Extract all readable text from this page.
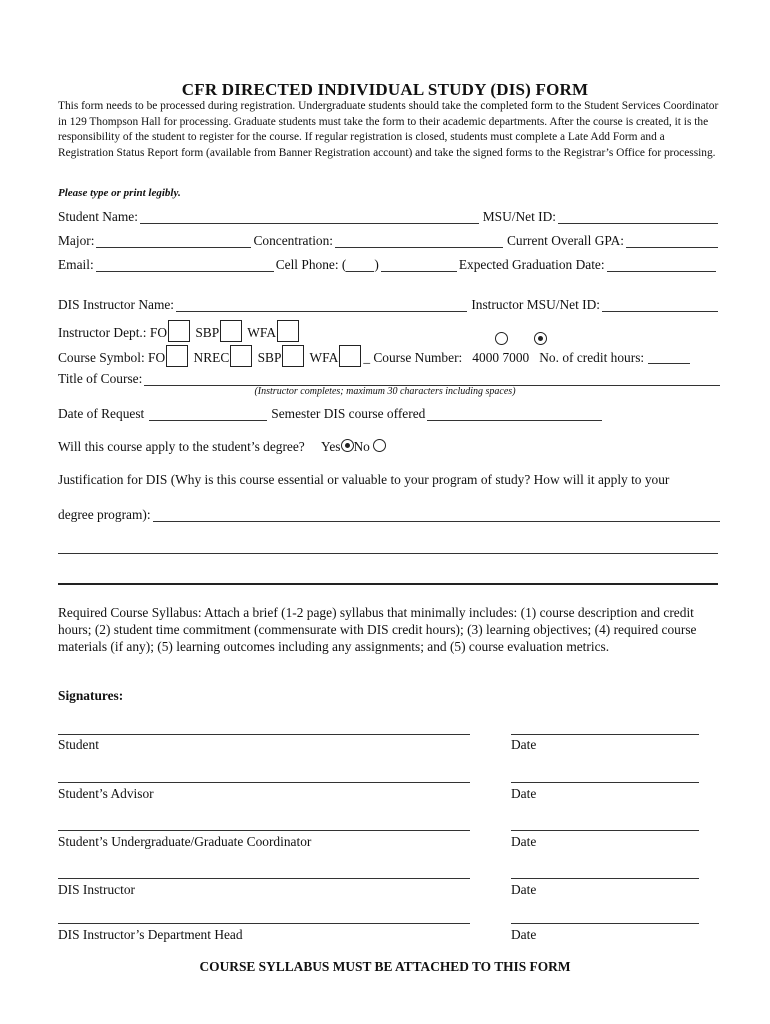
CFR DIRECTED INDIVIDUAL STUDY (DIS) FORM

This form needs to be processed during registration. Undergraduate students should take the completed form to the Student Services Coordinator in 129 Thompson Hall for processing. Graduate students must take the form to their academic departments. After the course is created, it is the responsibility of the student to register for the course. If regular registration is closed, students must complete a Late Add Form and a Registration Status Report form (available from Banner Registration account) and take the signed forms to the Registrar’s Office for processing.

Please type or print legibly.
Student Name:	MSU/Net ID:
Major:	Concentration:	Current Overall GPA:
Email:	Cell Phone: ( )	Expected Graduation Date:
DIS Instructor Name:	Instructor MSU/Net ID:
Instructor Dept.: FO SBP WFA

Course Symbol: FO NREC SBP WFA _ Course Number: 4000 7000 No. of credit hours:
Title of Course:
(Instructor completes; maximum 30 characters including spaces)
Date of Request	Semester DIS course offered
Will this course apply to the student’s degree? Yes No
Justification for DIS (Why is this course essential or valuable to your program of study? How will it apply to your
degree program):

Required Course Syllabus: Attach a brief (1-2 page) syllabus that minimally includes: (1) course description and credit hours; (2) student time commitment (commensurate with DIS credit hours); (3) learning objectives; (4) required course materials (if any); (5) learning outcomes including any assignments; and (5) course evaluation metrics.

Signatures:
Student	Date
Student’s Advisor	Date
Student’s Undergraduate/Graduate Coordinator	Date
DIS Instructor	Date
DIS Instructor’s Department Head	Date
COURSE SYLLABUS MUST BE ATTACHED TO THIS FORM
